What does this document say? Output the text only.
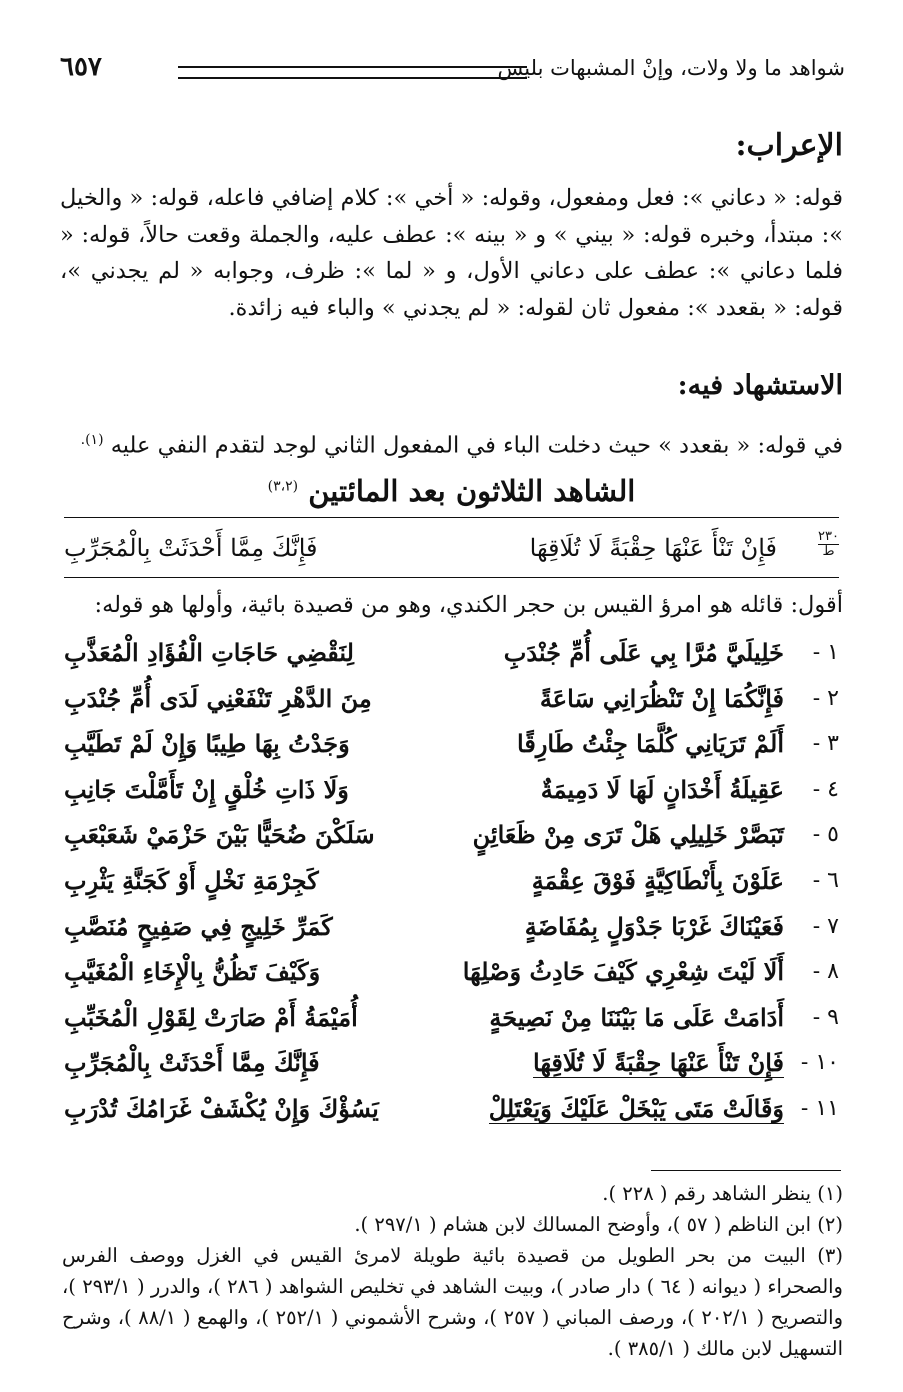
شواهد ما ولا ولات، وإنْ المشبهات بليس
٦٥٧
الإعراب:
قوله: « دعاني »: فعل ومفعول، وقوله: « أخي »: كلام إضافي فاعله، قوله: « والخيل »: مبتدأ، وخبره قوله: « بيني » و « بينه »: عطف عليه، والجملة وقعت حالاً، قوله: « فلما دعاني »: عطف على دعاني الأول، و « لما »: ظرف، وجوابه « لم يجدني »، قوله: « بقعدد »: مفعول ثان لقوله: « لم يجدني » والباء فيه زائدة.
الاستشهاد فيه:
في قوله: « بقعدد » حيث دخلت الباء في المفعول الثاني لوجد لتقدم النفي عليه $^{(١).}$
الشاهد الثلاثون بعد المائتين $^{(٣،٢)}$
٢٣٠
ط
فَإِنْ تَنْأَ عَنْهَا حِقْبَةً لَا تُلَاقِهَا
فَإِنَّكَ مِمَّا أَحْدَثَتْ بِالْمُجَرِّبِ
أقول: قائله هو امرؤ القيس بن حجر الكندي، وهو من قصيدة بائية، وأولها هو قوله:
١ -
خَلِيلَيَّ مُرَّا بِي عَلَى أُمِّ جُنْدَبِ
لِنَقْضِي حَاجَاتِ الْفُؤَادِ الْمُعَذَّبِ
٢ -
فَإِنَّكُمَا إِنْ تَنْظُرَانِي سَاعَةً
مِنَ الدَّهْرِ تَنْفَعْنِي لَدَى أُمِّ جُنْدَبِ
٣ -
أَلَمْ تَرَيَانِي كُلَّمَا جِئْتُ طَارِقًا
وَجَدْتُ بِهَا طِيبًا وَإِنْ لَمْ تَطَيَّبِ
٤ -
عَقِيلَةُ أَخْدَانٍ لَهَا لَا دَمِيمَةٌ
وَلَا ذَاتِ خُلْقٍ إِنْ تَأَمَّلْتَ جَانِبِ
٥ -
تَبَصَّرْ خَلِيلِي هَلْ تَرَى مِنْ ظَعَائِنٍ
سَلَكْنَ ضُحَيًّا بَيْنَ حَزْمَيْ شَعَبْعَبِ
٦ -
عَلَوْنَ بِأَنْطَاكِيَّةٍ فَوْقَ عِقْمَةٍ
كَجِرْمَةِ نَخْلٍ أَوْ كَجَنَّةِ يَثْرِبِ
٧ -
فَعَيْنَاكَ غَرْبَا جَدْوَلٍ بِمُفَاضَةٍ
كَمَرِّ خَلِيجٍ فِي صَفِيحٍ مُنَصَّبِ
٨ -
أَلَا لَيْتَ شِعْرِي كَيْفَ حَادِثُ وَصْلِهَا
وَكَيْفَ تَظُنُّ بِالْإِخَاءِ الْمُغَيَّبِ
٩ -
أَدَامَتْ عَلَى مَا بَيْنَنَا مِنْ نَصِيحَةٍ
أُمَيْمَةُ أَمْ صَارَتْ لِقَوْلِ الْمُخَبِّبِ
١٠ -
فَإِنْ تَنْأَ عَنْهَا حِقْبَةً لَا تُلَاقِهَا
فَإِنَّكَ مِمَّا أَحْدَثَتْ بِالْمُجَرِّبِ
١١ -
وَقَالَتْ مَتَى يَبْخَلْ عَلَيْكَ وَيَعْتَلِلْ
يَسُؤْكَ وَإِنْ يُكْشَفْ غَرَامُكَ تُدْرَبِ

(١) ينظر الشاهد رقم ( ٢٢٨ ).

(٢) ابن الناظم ( ٥٧ )، وأوضح المسالك لابن هشام ( ٢٩٧/١ ).

(٣) البيت من بحر الطويل من قصيدة بائية طويلة لامرئ القيس في الغزل ووصف الفرس والصحراء ( ديوانه ( ٦٤ ) دار صادر )، وبيت الشاهد في تخليص الشواهد ( ٢٨٦ )، والدرر ( ٢٩٣/١ )، والتصريح ( ٢٠٢/١ )، ورصف المباني ( ٢٥٧ )، وشرح الأشموني ( ٢٥٢/١ )، والهمع ( ٨٨/١ )، وشرح التسهيل لابن مالك ( ٣٨٥/١ ).
